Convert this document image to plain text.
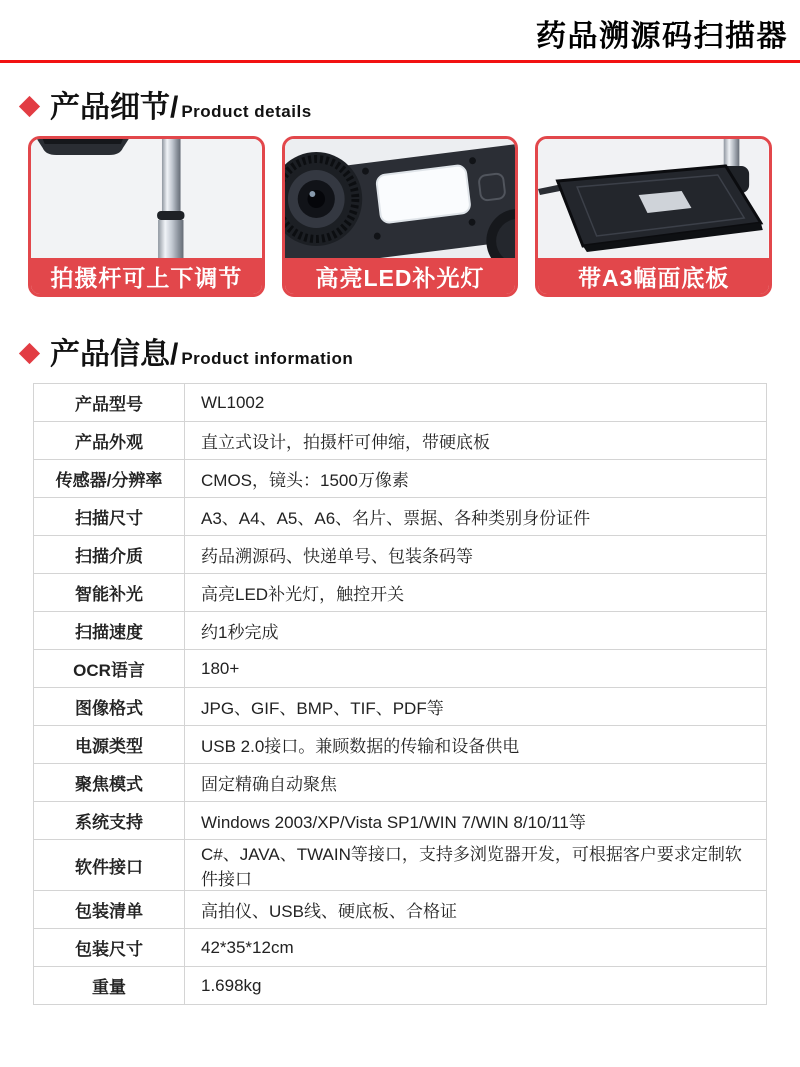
药品溯源码扫描器
产品细节/ Product details
拍摄杆可上下调节	高亮LED补光灯	带A3幅面底板
产品信息/ Product information
产品型号	WL1002
产品外观	直立式设计，拍摄杆可伸缩，带硬底板
传感器/分辨率	CMOS，镜头：1500万像素
扫描尺寸	A3、A4、A5、A6、名片、票据、各种类别身份证件
扫描介质	药品溯源码、快递单号、包装条码等
智能补光	高亮LED补光灯，触控开关
扫描速度	约1秒完成
OCR语言	180+
图像格式	JPG、GIF、BMP、TIF、PDF等
电源类型	USB 2.0接口。兼顾数据的传输和设备供电
聚焦模式	固定精确自动聚焦
系统支持	Windows 2003/XP/Vista SP1/WIN 7/WIN 8/10/11等
软件接口	C#、JAVA、TWAIN等接口，支持多浏览器开发，可根据客户要求定制软件接口
包装清单	高拍仪、USB线、硬底板、合格证
包装尺寸	42*35*12cm
重量	1.698kg
